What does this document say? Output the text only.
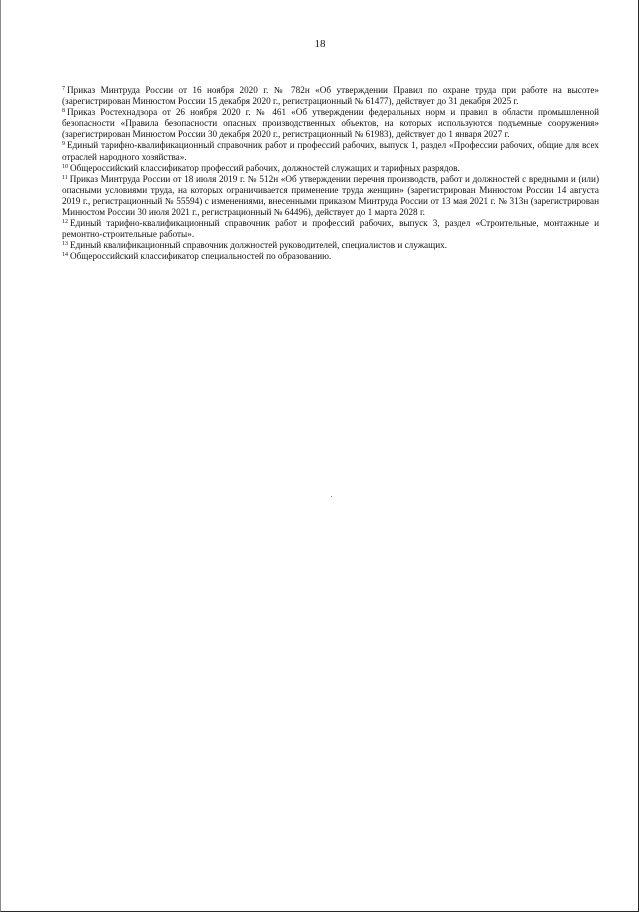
18

$^7$ Приказ Минтруда России от 16 ноября 2020 г. № 782н «Об утверждении Правил по охране труда при работе на высоте» (зарегистрирован Минюстом России 15 декабря 2020 г., регистрационный № 61477), действует до 31 декабря 2025 г.

$^8$ Приказ Ростехнадзора от 26 ноября 2020 г. № 461 «Об утверждении федеральных норм и правил в области промышленной безопасности «Правила безопасности опасных производственных объектов, на которых используются подъемные сооружения» (зарегистрирован Минюстом России 30 декабря 2020 г., регистрационный № 61983), действует до 1 января 2027 г.

$^9$ Единый тарифно-квалификационный справочник работ и профессий рабочих, выпуск 1, раздел «Профессии рабочих, общие для всех отраслей народного хозяйства».

$^{10}$ Общероссийский классификатор профессий рабочих, должностей служащих и тарифных разрядов.

$^{11}$ Приказ Минтруда России от 18 июля 2019 г. № 512н «Об утверждении перечня производств, работ и должностей с вредными и (или) опасными условиями труда, на которых ограничивается применение труда женщин» (зарегистрирован Минюстом России 14 августа 2019 г., регистрационный № 55594) с изменениями, внесенными приказом Минтруда России от 13 мая 2021 г. № 313н (зарегистрирован Минюстом России 30 июля 2021 г., регистрационный № 64496), действует до 1 марта 2028 г.

$^{12}$ Единый тарифно-квалификационный справочник работ и профессий рабочих, выпуск 3, раздел «Строительные, монтажные и ремонтно-строительные работы».

$^{13}$ Единый квалификационный справочник должностей руководителей, специалистов и служащих.

$^{14}$ Общероссийский классификатор специальностей по образованию.
